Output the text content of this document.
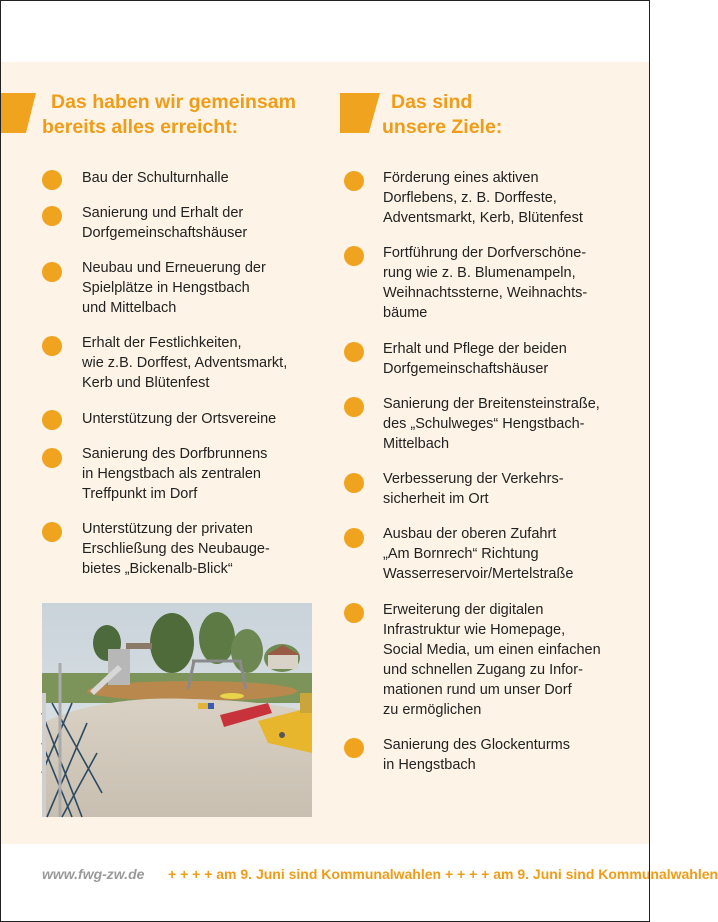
Das haben wir gemeinsam
bereits alles erreicht:
Das sind
unsere Ziele:
Bau der Schulturnhalle
Sanierung und Erhalt der
Dorfgemeinschaftshäuser
Neubau und Erneuerung der
Spielplätze in Hengstbach
und Mittelbach
Erhalt der Festlichkeiten,
wie z.B. Dorffest, Adventsmarkt,
Kerb und Blütenfest
Unterstützung der Ortsvereine
Sanierung des Dorfbrunnens
in Hengstbach als zentralen
Treffpunkt im Dorf
Unterstützung der privaten
Erschließung des Neubauge-
bietes „Bickenalb-Blick“
Förderung eines aktiven
Dorflebens, z. B. Dorffeste,
Adventsmarkt, Kerb, Blütenfest
Fortführung der Dorfverschöne-
rung wie z. B. Blumenampeln,
Weihnachtssterne, Weihnachts-
bäume
Erhalt und Pflege der beiden
Dorfgemeinschaftshäuser
Sanierung der Breitensteinstraße,
des „Schulweges“ Hengstbach-
Mittelbach
Verbesserung der Verkehrs-
sicherheit im Ort
Ausbau der oberen Zufahrt
„Am Bornrech“ Richtung
Wasserreservoir/Mertelstraße
Erweiterung der digitalen
Infrastruktur wie Homepage,
Social Media, um einen einfachen
und schnellen Zugang zu Infor-
mationen rund um unser Dorf
zu ermöglichen
Sanierung des Glockenturms
in Hengstbach
www.fwg-zw.de + + + + am 9. Juni sind Kommunalwahlen + + + + am 9. Juni sind Kommunalwahlen
